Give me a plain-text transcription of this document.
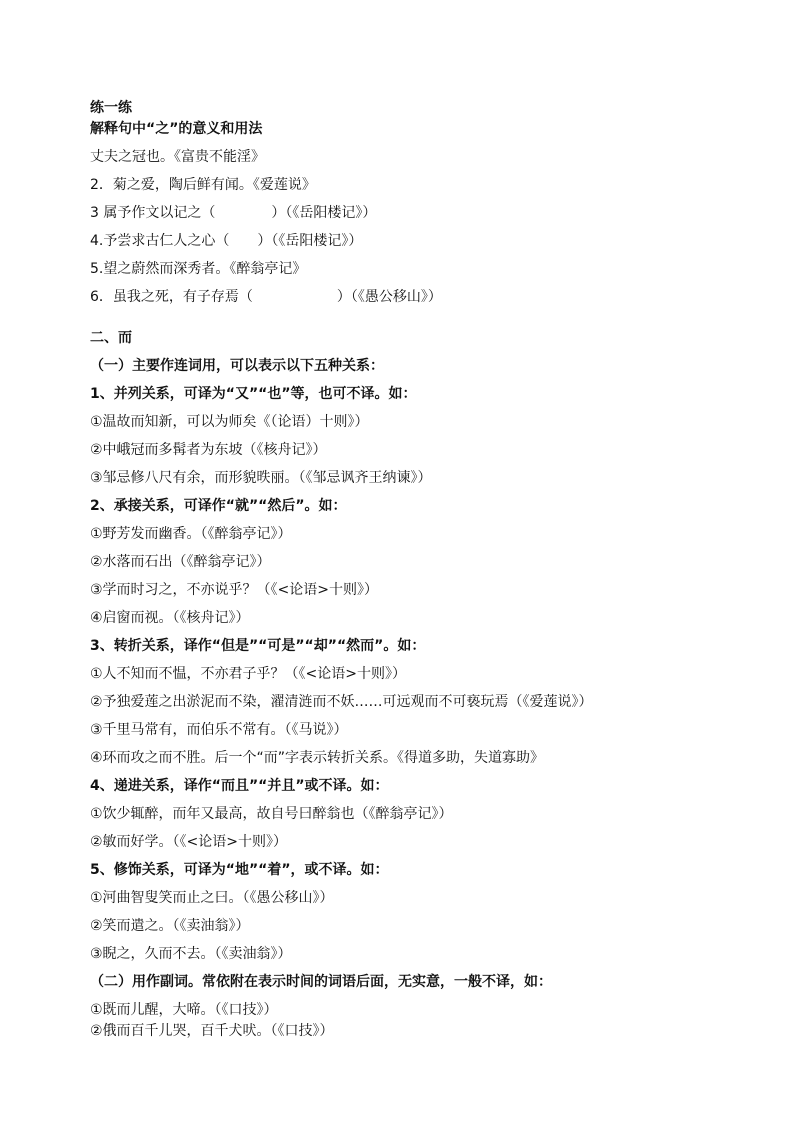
练一练
解释句中“之”的意义和用法
丈夫之冠也。《富贵不能淫》
2．菊之爱，陶后鲜有闻。《爱莲说》
3 属予作文以记之（　　　　）（《岳阳楼记》）
4.予尝求古仁人之心（　　）（《岳阳楼记》）
5.望之蔚然而深秀者。《醉翁亭记》
6．虽我之死，有子存焉（　　　　　　）（《愚公移山》）
二、而
（一）主要作连词用，可以表示以下五种关系：
1、并列关系，可译为“又”“也”等，也可不译。如：
①温故而知新，可以为师矣《（论语）十则》）
②中峨冠而多髯者为东坡（《核舟记》）
③邹忌修八尺有余，而形貌昳丽。（《邹忌讽齐王纳谏》）
2、承接关系，可译作“就”“然后”。如：
①野芳发而幽香。（《醉翁亭记》）
②水落而石出（《醉翁亭记》）
③学而时习之，不亦说乎？（《<论语>十则》）
④启窗而视。（《核舟记》）
3、转折关系，译作“但是”“可是”“却”“然而”。如：
①人不知而不愠，不亦君子乎？（《<论语>十则》）
②予独爱莲之出淤泥而不染，濯清涟而不妖……可远观而不可亵玩焉（《爱莲说》）
③千里马常有，而伯乐不常有。（《马说》）
④环而攻之而不胜。后一个“而”字表示转折关系。《得道多助，失道寡助》
4、递进关系，译作“而且”“并且”或不译。如：
①饮少辄醉，而年又最高，故自号曰醉翁也（《醉翁亭记》）
②敏而好学。（《<论语>十则》）
5、修饰关系，可译为“地”“着”，或不译。如：
①河曲智叟笑而止之曰。（《愚公移山》）
②笑而遣之。（《卖油翁》）
③睨之，久而不去。（《卖油翁》）
（二）用作副词。常依附在表示时间的词语后面，无实意，一般不译，如：
①既而儿醒，大啼。（《口技》）
②俄而百千儿哭，百千犬吠。（《口技》）
